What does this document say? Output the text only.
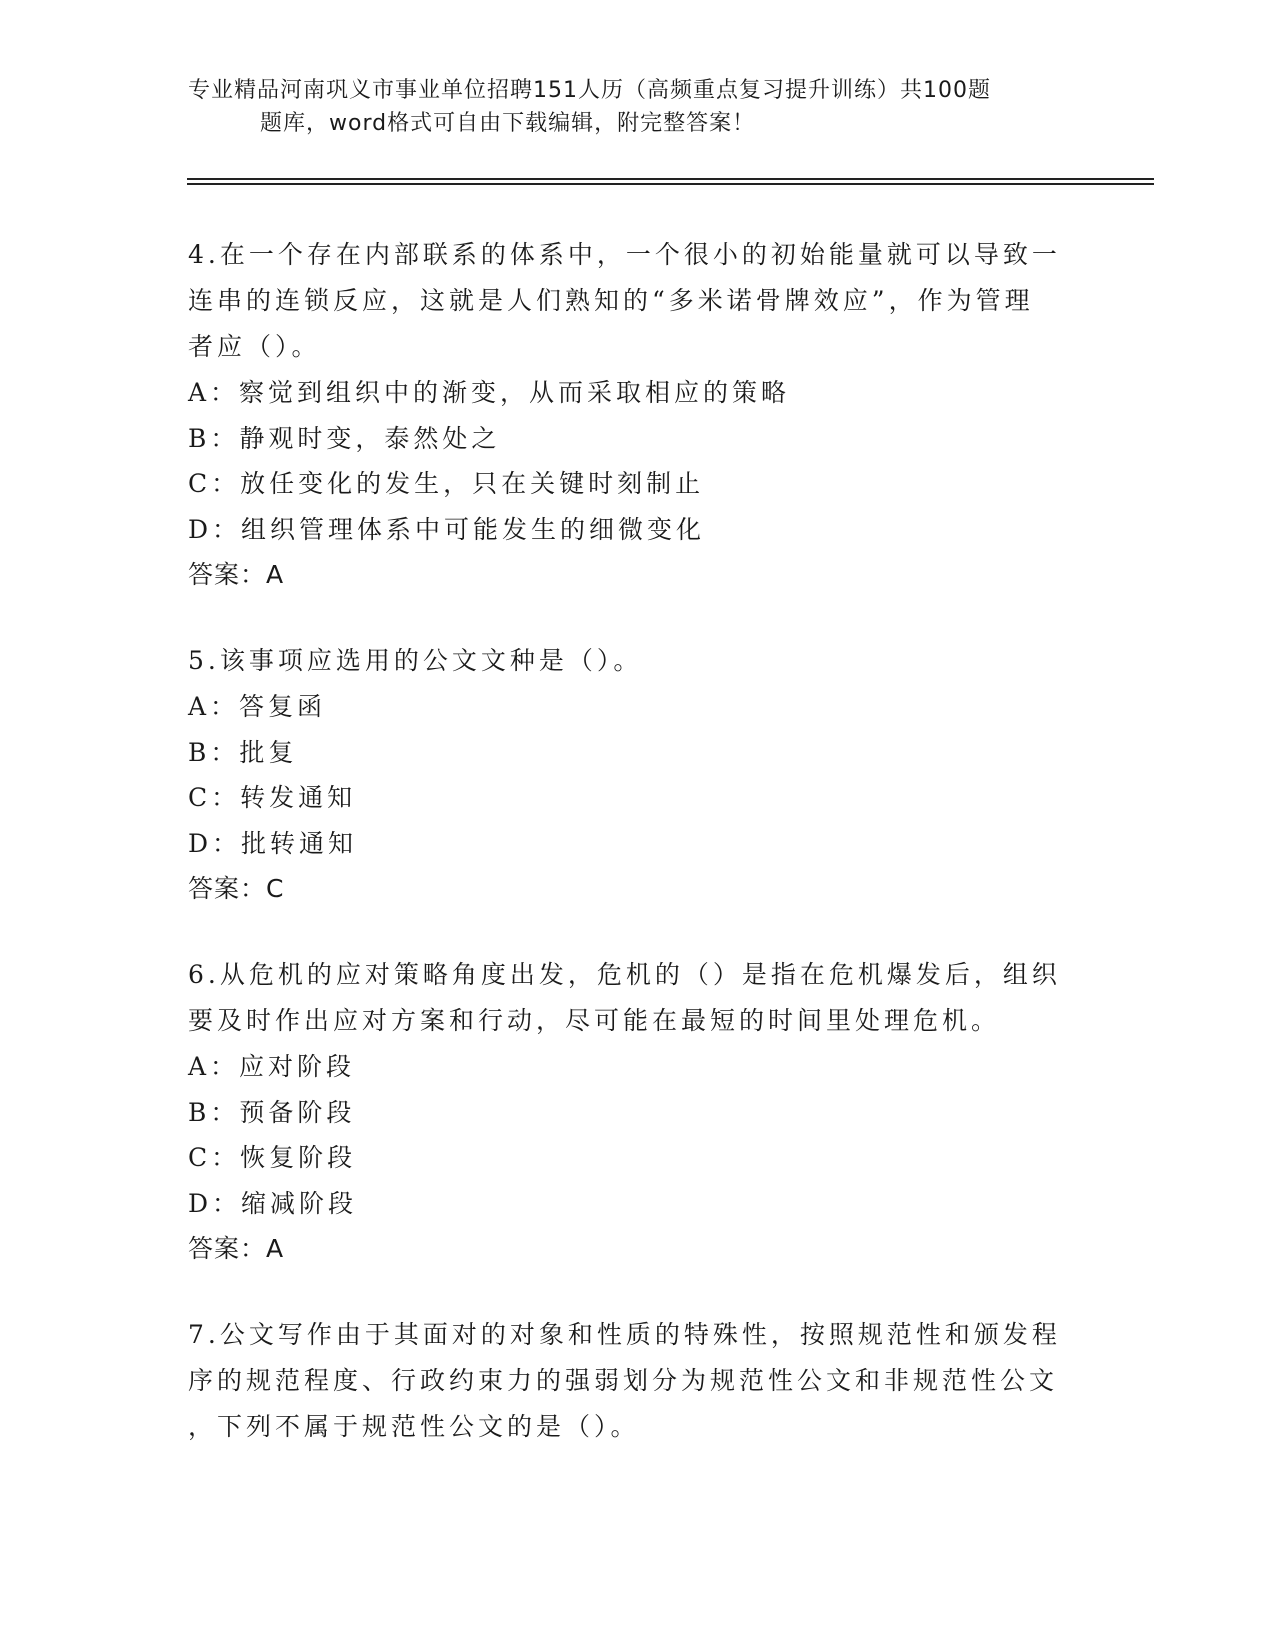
专业精品河南巩义市事业单位招聘151人历（高频重点复习提升训练）共100题
题库，word格式可自由下载编辑，附完整答案！

4.在一个存在内部联系的体系中，一个很小的初始能量就可以导致一

连串的连锁反应，这就是人们熟知的“多米诺骨牌效应”，作为管理

者应（）。

A：察觉到组织中的渐变，从而采取相应的策略

B：静观时变，泰然处之

C：放任变化的发生，只在关键时刻制止

D：组织管理体系中可能发生的细微变化

答案：A

5.该事项应选用的公文文种是（）。

A：答复函

B：批复

C：转发通知

D：批转通知

答案：C

6.从危机的应对策略角度出发，危机的（）是指在危机爆发后，组织

要及时作出应对方案和行动，尽可能在最短的时间里处理危机。

A：应对阶段

B：预备阶段

C：恢复阶段

D：缩减阶段

答案：A

7.公文写作由于其面对的对象和性质的特殊性，按照规范性和颁发程

序的规范程度、行政约束力的强弱划分为规范性公文和非规范性公文

，下列不属于规范性公文的是（）。
